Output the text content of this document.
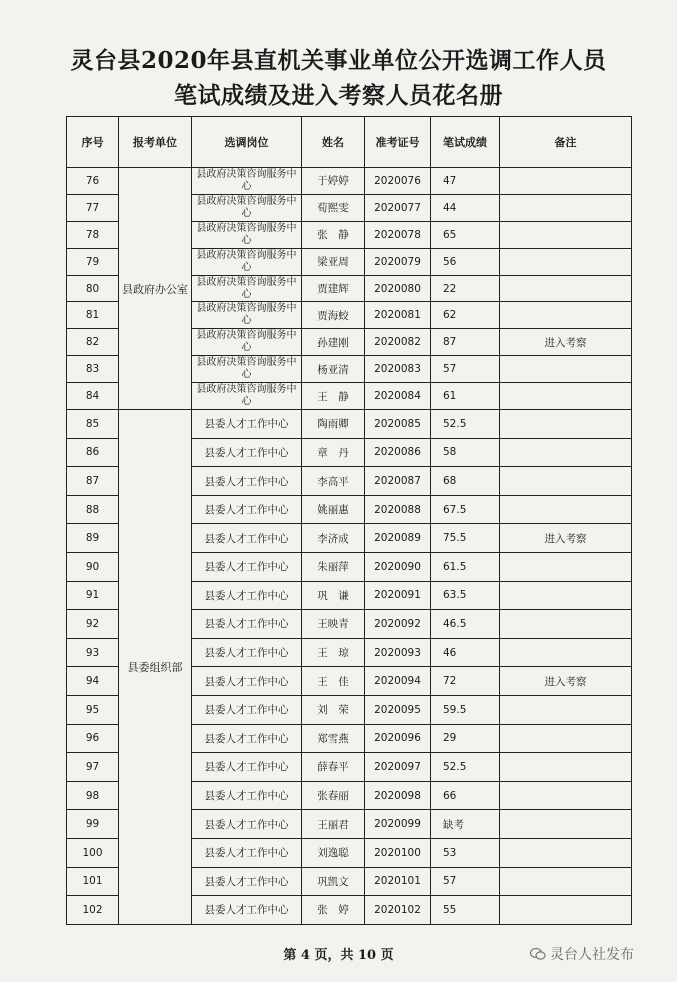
灵台县2020年县直机关事业单位公开选调工作人员
笔试成绩及进入考察人员花名册
序号	报考单位	选调岗位	姓名	准考证号	笔试成绩	备注
76	县政府办公室	县政府决策咨询服务中心	于婷婷	2020076	47	
77		县政府决策咨询服务中心	荀熙雯	2020077	44	
78		县政府决策咨询服务中心	张　静	2020078	65	
79		县政府决策咨询服务中心	梁亚周	2020079	56	
80		县政府决策咨询服务中心	贾建辉	2020080	22	
81		县政府决策咨询服务中心	贾海蛟	2020081	62	
82		县政府决策咨询服务中心	孙建刚	2020082	87	进入考察
83		县政府决策咨询服务中心	杨亚清	2020083	57	
84		县政府决策咨询服务中心	王　静	2020084	61	
85	县委组织部	县委人才工作中心	陶雨卿	2020085	52.5	
86		县委人才工作中心	章　丹	2020086	58	
87		县委人才工作中心	李高平	2020087	68	
88		县委人才工作中心	姚丽惠	2020088	67.5	
89		县委人才工作中心	李济成	2020089	75.5	进入考察
90		县委人才工作中心	朱丽萍	2020090	61.5	
91		县委人才工作中心	巩　谦	2020091	63.5	
92		县委人才工作中心	王映青	2020092	46.5	
93		县委人才工作中心	王　琼	2020093	46	
94		县委人才工作中心	王　佳	2020094	72	进入考察
95		县委人才工作中心	刘　荣	2020095	59.5	
96		县委人才工作中心	郑雪燕	2020096	29	
97		县委人才工作中心	薛春平	2020097	52.5	
98		县委人才工作中心	张春丽	2020098	66	
99		县委人才工作中心	王丽君	2020099	缺考	
100		县委人才工作中心	刘逸聪	2020100	53	
101		县委人才工作中心	巩凯文	2020101	57	
102		县委人才工作中心	张　婷	2020102	55	
第 4 页，共 10 页	灵台人社发布
